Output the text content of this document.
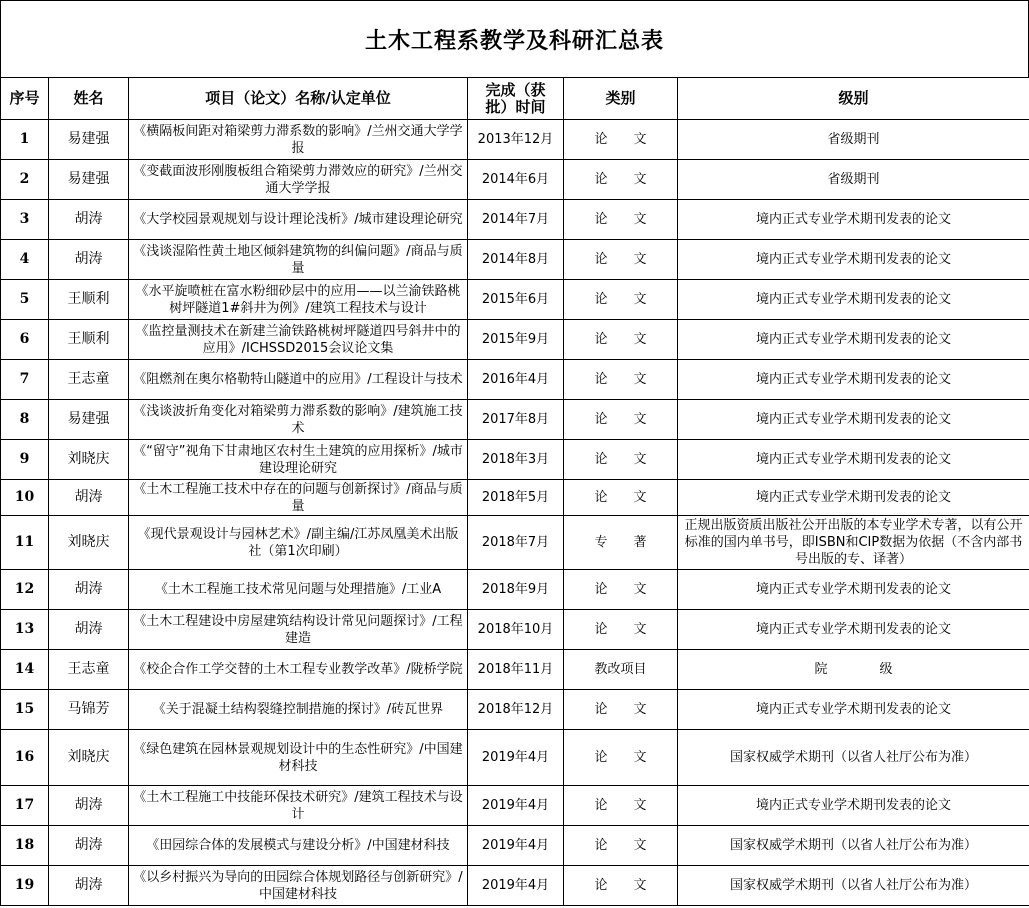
土木工程系教学及科研汇总表
序号	姓名	项目（论文）名称/认定单位	完成（获批）时间	类别	级别

1	易建强	《横隔板间距对箱梁剪力滞系数的影响》/兰州交通大学学报	2013年12月	论　　文	省级期刊

2	易建强	《变截面波形刚腹板组合箱梁剪力滞效应的研究》/兰州交通大学学报	2014年6月	论　　文	省级期刊

3	胡涛	《大学校园景观规划与设计理论浅析》/城市建设理论研究	2014年7月	论　　文	境内正式专业学术期刊发表的论文

4	胡涛	《浅谈湿陷性黄土地区倾斜建筑物的纠偏问题》/商品与质量	2014年8月	论　　文	境内正式专业学术期刊发表的论文

5	王顺利	《水平旋喷桩在富水粉细砂层中的应用——以兰渝铁路桃树坪隧道1#斜井为例》/建筑工程技术与设计	2015年6月	论　　文	境内正式专业学术期刊发表的论文

6	王顺利	《监控量测技术在新建兰渝铁路桃树坪隧道四号斜井中的应用》/ICHSSD2015会议论文集	2015年9月	论　　文	境内正式专业学术期刊发表的论文

7	王志童	《阻燃剂在奥尔格勒特山隧道中的应用》/工程设计与技术	2016年4月	论　　文	境内正式专业学术期刊发表的论文

8	易建强	《浅谈波折角变化对箱梁剪力滞系数的影响》/建筑施工技术	2017年8月	论　　文	境内正式专业学术期刊发表的论文

9	刘晓庆	《“留守”视角下甘肃地区农村生土建筑的应用探析》/城市建设理论研究	2018年3月	论　　文	境内正式专业学术期刊发表的论文

10	胡涛	《土木工程施工技术中存在的问题与创新探讨》/商品与质量	2018年5月	论　　文	境内正式专业学术期刊发表的论文

11	刘晓庆	《现代景观设计与园林艺术》/副主编/江苏凤凰美术出版社（第1次印刷）	2018年7月	专　　著	正规出版资质出版社公开出版的本专业学术专著，以有公开标准的国内单书号，即ISBN和CIP数据为依据（不含内部书号出版的专、译著）

12	胡涛	《土木工程施工技术常见问题与处理措施》/工业A	2018年9月	论　　文	境内正式专业学术期刊发表的论文

13	胡涛	《土木工程建设中房屋建筑结构设计常见问题探讨》/工程建造	2018年10月	论　　文	境内正式专业学术期刊发表的论文

14	王志童	《校企合作工学交替的土木工程专业教学改革》/陇桥学院	2018年11月	教改项目	院　　　　级

15	马锦芳	《关于混凝土结构裂缝控制措施的探讨》/砖瓦世界	2018年12月	论　　文	境内正式专业学术期刊发表的论文

16	刘晓庆	《绿色建筑在园林景观规划设计中的生态性研究》/中国建材科技	2019年4月	论　　文	国家权威学术期刊（以省人社厅公布为准）

17	胡涛	《土木工程施工中技能环保技术研究》/建筑工程技术与设计	2019年4月	论　　文	境内正式专业学术期刊发表的论文

18	胡涛	《田园综合体的发展模式与建设分析》/中国建材科技	2019年4月	论　　文	国家权威学术期刊（以省人社厅公布为准）

19	胡涛	《以乡村振兴为导向的田园综合体规划路径与创新研究》/中国建材科技	2019年4月	论　　文	国家权威学术期刊（以省人社厅公布为准）
